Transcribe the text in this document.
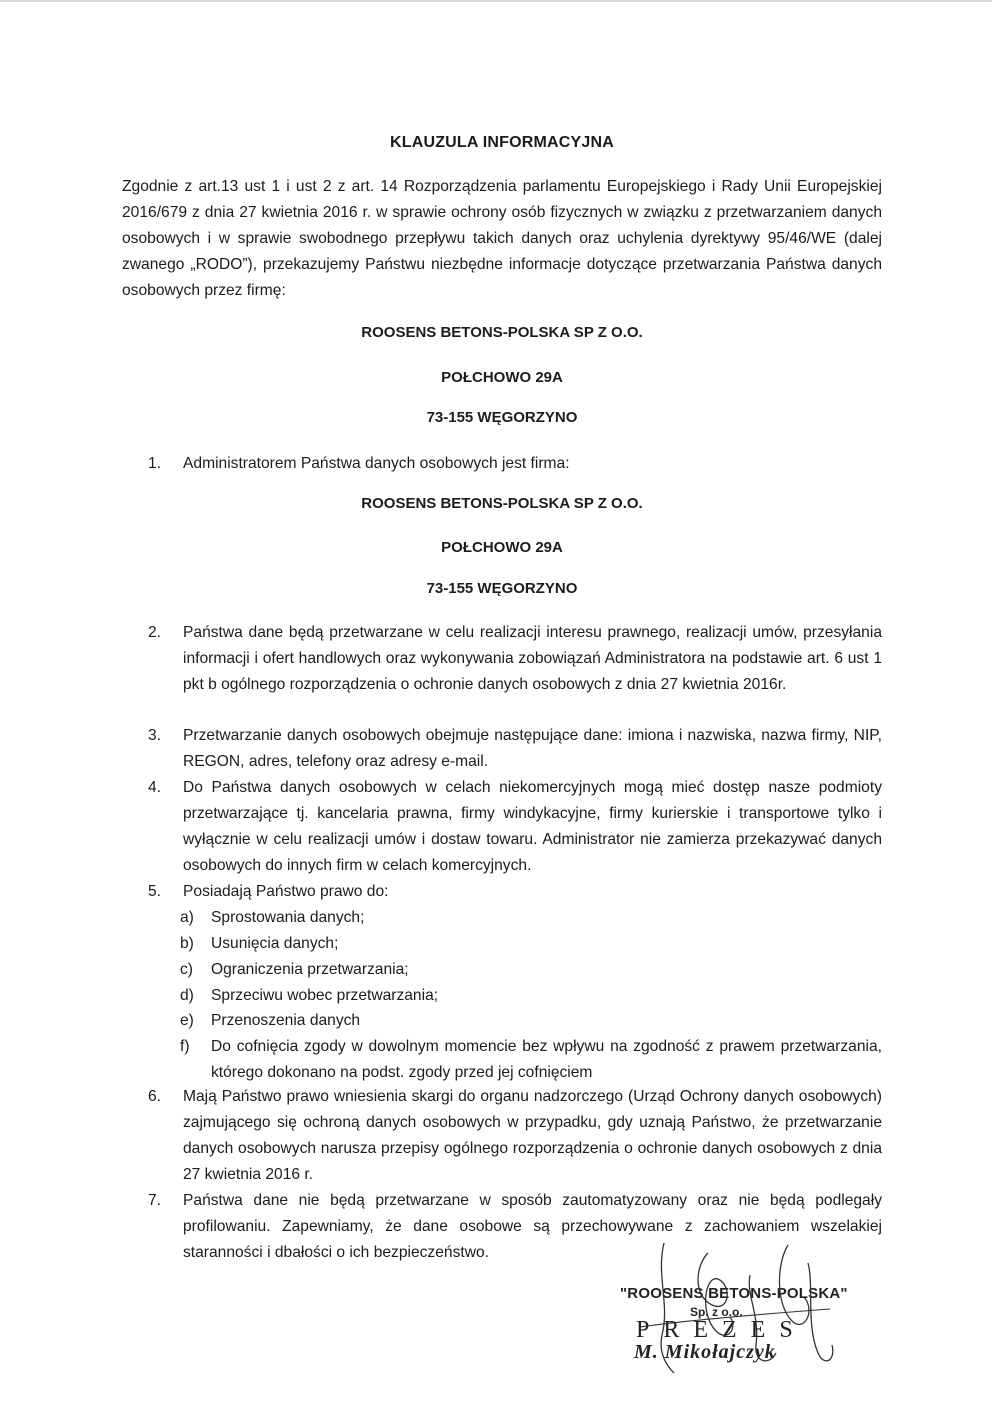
KLAUZULA INFORMACYJNA
Zgodnie z art.13 ust 1 i ust 2 z art. 14 Rozporządzenia parlamentu Europejskiego i Rady Unii Europejskiej 2016/679 z dnia 27 kwietnia 2016 r. w sprawie ochrony osób fizycznych w związku z przetwarzaniem danych osobowych i w sprawie swobodnego przepływu takich danych oraz uchylenia dyrektywy 95/46/WE (dalej zwanego „RODO”), przekazujemy Państwu niezbędne informacje dotyczące przetwarzania Państwa danych osobowych przez firmę:
ROOSENS BETONS-POLSKA SP Z O.O.
POŁCHOWO 29A
73-155 WĘGORZYNO
1.	Administratorem Państwa danych osobowych jest firma:
ROOSENS BETONS-POLSKA SP Z O.O.
POŁCHOWO 29A
73-155 WĘGORZYNO
2.	Państwa dane będą przetwarzane w celu realizacji interesu prawnego, realizacji umów, przesyłania informacji i ofert handlowych oraz wykonywania zobowiązań Administratora na podstawie art. 6 ust 1 pkt b ogólnego rozporządzenia o ochronie danych osobowych z dnia 27 kwietnia 2016r.
3.	Przetwarzanie danych osobowych obejmuje następujące dane: imiona i nazwiska, nazwa firmy, NIP, REGON, adres, telefony oraz adresy e-mail.
4.	Do Państwa danych osobowych w celach niekomercyjnych mogą mieć dostęp nasze podmioty przetwarzające tj. kancelaria prawna, firmy windykacyjne, firmy kurierskie i transportowe tylko i wyłącznie w celu realizacji umów i dostaw towaru. Administrator nie zamierza przekazywać danych osobowych do innych firm w celach komercyjnych.
5.	Posiadają Państwo prawo do:
a)	Sprostowania danych;
b)	Usunięcia danych;
c)	Ograniczenia przetwarzania;
d)	Sprzeciwu wobec przetwarzania;
e)	Przenoszenia danych
f)	Do cofnięcia zgody w dowolnym momencie bez wpływu na zgodność z prawem przetwarzania, którego dokonano na podst. zgody przed jej cofnięciem
6.	Mają Państwo prawo wniesienia skargi do organu nadzorczego (Urząd Ochrony danych osobowych) zajmującego się ochroną danych osobowych w przypadku, gdy uznają Państwo, że przetwarzanie danych osobowych narusza przepisy ogólnego rozporządzenia o ochronie danych osobowych z dnia 27 kwietnia 2016 r.
7.	Państwa dane nie będą przetwarzane w sposób zautomatyzowany oraz nie będą podlegały profilowaniu. Zapewniamy, że dane osobowe są przechowywane z zachowaniem wszelakiej staranności i dbałości o ich bezpieczeństwo.
"ROOSENS BETONS-POLSKA"
Sp. z o.o.
PREZES
M. Mikołajczyk
